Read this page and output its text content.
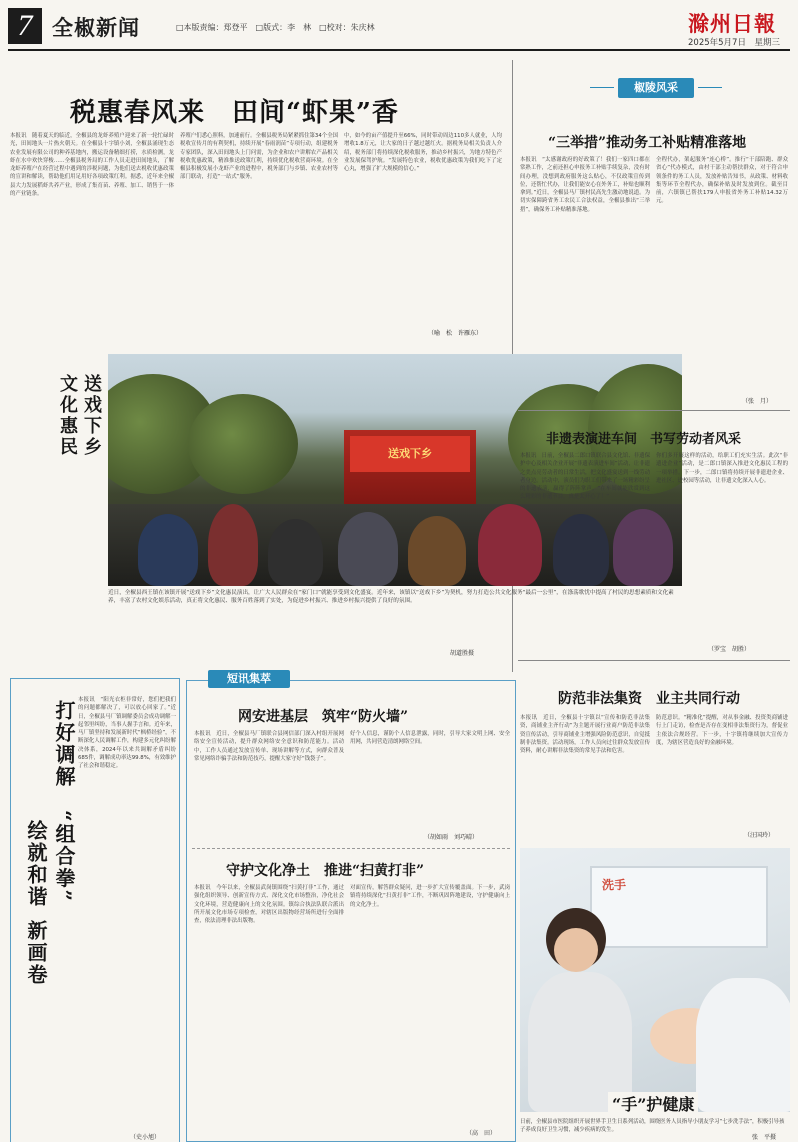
7 全椒新闻	□本版责编：郑登平　□版式：李　林　□校对：朱庆林	滁州日報
2025年5月7日　星期三
税惠春风来　田间“虾果”香
本报讯　随着夏天的临近，全椒县的龙虾养殖户迎来了新一轮忙碌时光，田间地头一片热火朝天。在全椒县十字镇小刘，全椒县涌现生态农业发展有限公司的种养基地内，搬运设备精细打捞，水质检测，龙虾在水中欢快穿梭……全椒县税务局的工作人员走进田间地头，了解龙虾养殖户在经营过程中遇到的涉税问题，为他们送去税收优惠政策的宣讲和解读，帮助他们用足用好各项政策红利。据悉，近年来全椒县大力发展稻虾共养产业，形成了集育苗、养殖、加工、销售于一体的产业链条。
养殖户们悉心照料，加速前行。全椒县税务局紧紧抓住第34个全国税收宣传月的有利契机，持续开展“春雨润苗”专项行动，组建税务专家团队，深入田间地头上门问需，为企业和农户讲解农产品相关税收优惠政策，精准推送政策红利，持续优化税收营商环境。在全椒县积极发展小龙虾产业的进程中，税务部门与乡镇、农业农村等部门联动，打造“一站式”服务。
中，如今的亩产值提升至66%，同时带动周边110多人就业，人均增收1.8万元，让大家的日子越过越红火。据税务局相关负责人介绍，税务部门将持续深化税收服务，推动乡村振兴，为地方特色产业发展保驾护航。“发展特色农业，税收优惠政策为我们吃下了定心丸，增强了扩大规模的信心。”
（喻　松　许雁东）
送戏下乡
文化惠民	送戏下乡
近日，全椒县西王镇在该镇开展“送戏下乡”文化惠民演出，让广大人民群众在“家门口”就能享受到文化盛宴。近年来，该镇以“送戏下乡”为契机，努力打造公共文化服务“最后一公里”，在涤荡歌忧中提高了村民的思想素质和文化素养，丰富了农村文化娱乐活动，真正将文化惠民、服务百姓落到了实处，为促进乡村振兴、推进乡村振兴提供了良好的氛围。
胡道胜摄
椒陵风采
“三举措”推动务工补贴精准落地
本报讯　“太感谢政府的好政策了！我们一家四口都在常熟工作，之前还担心申报务工补贴手续复杂，没有时间办理，没想到政府服务这么贴心，不仅政策宣传到位，还帮忙代办，让我们能安心在外务工，补贴也顺利拿到。”近日，全椒县马厂镇村民高先生激动地说道。为切实保障跨省务工农民工合法权益，全椒县推出“三举措”，确保务工补贴精准落地。
全程代办，架起服务“连心桥”。推行“干部陪跑、群众省心”代办模式，由村干部主动帮扶群众，对于符合申领条件的务工人员，发放补贴告知书，从政策、材料收集等环节全程代办，确保补贴及时发放到位。截至目前，六镇镇已帮扶179人申报省外务工补贴14.32万元。
（张　月）
非遗表演进车间　书写劳动者风采
本报讯　日前，全椒县二郎口镇联合县文化馆、非遗保护中心及相关企业开展“非遗表演进车间”活动，让非遗之美点亮劳动者的日常生活，把文化盛宴送到一线劳动者身边。活动中，演员们为职工们带来了一场精彩纷呈的非遗表演，赢得了阵阵掌声。“在车间就能欣赏到这么精彩的非遗节目，真是太开心了！”
你们多开展这样的活动，给职工们充实生活。此次“非遗进企业”活动，是二郎口镇深入推进文化惠民工程的一项举措。下一步，二郎口镇将持续开展非遗进企业、进社区、进校园等活动，让非遗文化深入人心。
（罗宝　胡胜）
防范非法集资　业主共同行动
本报讯　近日，全椒县十字镇以“宣传和防范非法集资，商铺业主齐行动”为主题开展行业商户防范非法集资宣传活动，引导商铺业主增强风险防范意识，自觉抵制非法集资。活动现场，工作人员向过往群众发放宣传资料，耐心讲解非法集资的常见手法和危害。
防范意识。“精准化”提醒，对从事金融、投资类商铺进行上门走访，检查是否存在变相非法集资行为，督促业主依法合规经营。下一步，十字镇将继续加大宣传力度，为辖区营造良好的金融环境。
（汪国玲）
短讯集萃
打好调解
“组合拳”
绘就和谐
新画卷
本报讯　“阳光衣柜非常好，您们把我们的问题都解决了，可以放心回家了。”近日，全椒县马厂镇调解委员会成功调解一起邻里纠纷，当事人握手言和。近年来，马厂镇坚持和发展新时代“枫桥经验”，不断深化人民调解工作，构建多元化纠纷解决体系，2024年以来共调解矛盾纠纷685件，调解成功率达99.8%，有效维护了社会和谐稳定。
（史小旭）
网安进基层　筑牢“防火墙”
本报讯　近日，全椒县马厂镇联合县网信部门深入村组开展网络安全宣传活动，提升群众网络安全意识和防范能力。活动中，工作人员通过发放宣传单、现场讲解等方式，向群众普及常见网络诈骗手法和防范技巧，提醒大家守好“钱袋子”。
好个人信息，谨防个人信息泄露，同时，引导大家文明上网、安全用网，共同营造清朗网络空间。
（胡如雨　刘巧晴）
守护文化净土　推进“扫黄打非”
本报讯　今年以来，全椒县武岗镇围绕“扫黄打非”工作，通过强化组织领导、创新宣传方式、深化文化市场整治，净化社会文化环境，营造健康向上的文化氛围。镇综合执法队联合派出所开展文化市场专项检查，对辖区出版物经营场所进行全面排查，依法清理非法出版物。
对面宣传，解答群众疑问，进一步扩大宣传覆盖面。下一步，武岗镇将持续深化“扫黄打非”工作，不断巩固阵地建设，守护健康向上的文化净土。
（高　田）
洗手
“手”护健康
日前，全椒县市医院组织开展世界手卫生日系列活动，围绕医务人员指导小朋友学习“七步洗手法”，积极引导孩子养成良好卫生习惯，减少疾病的发生。
张　平摄
